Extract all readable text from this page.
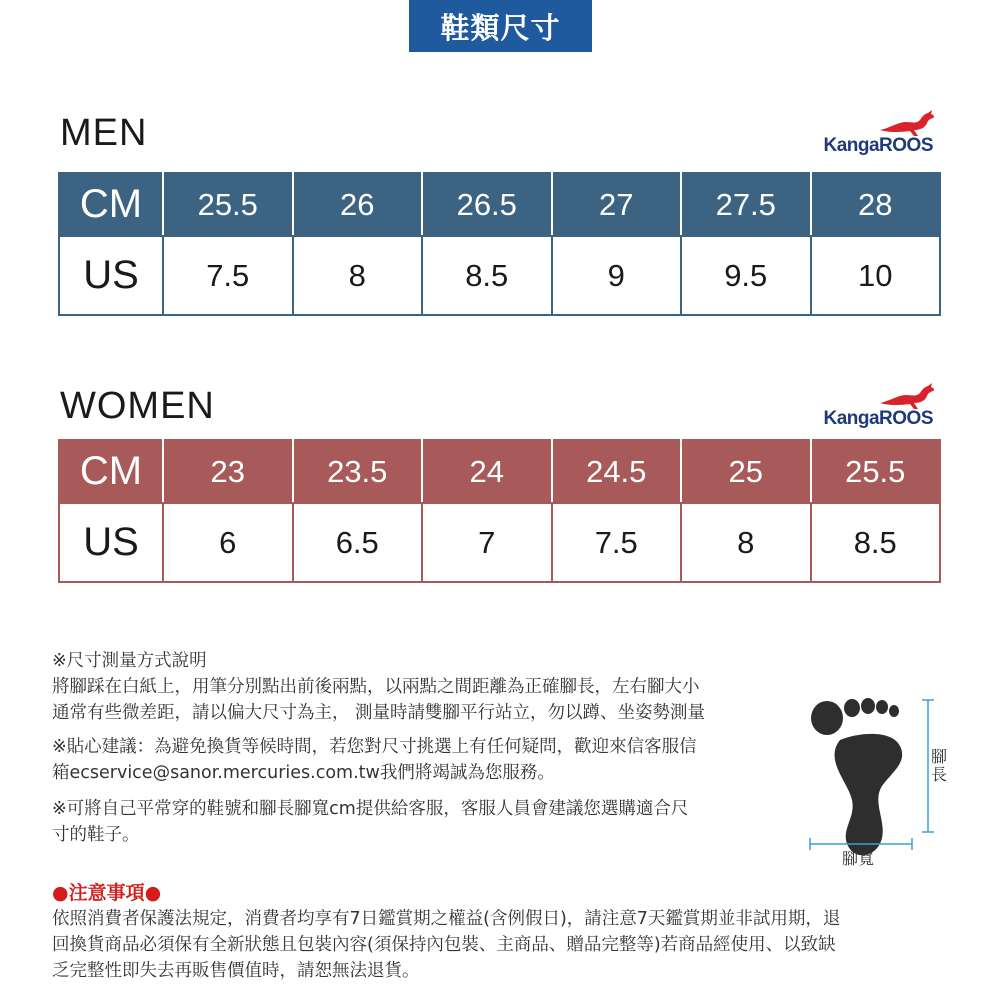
鞋類尺寸
MEN	KangaROOS
CM	25.5	26	26.5	27	27.5	28
US	7.5	8	8.5	9	9.5	10
WOMEN	KangaROOS
CM	23	23.5	24	24.5	25	25.5
US	6	6.5	7	7.5	8	8.5

※尺寸測量方式說明
將腳踩在白紙上，用筆分別點出前後兩點，以兩點之間距離為正確腳長，左右腳大小
通常有些微差距，請以偏大尺寸為主， 測量時請雙腳平行站立，勿以蹲、坐姿勢測量

※貼心建議：為避免換貨等候時間，若您對尺寸挑選上有任何疑問，歡迎來信客服信
箱ecservice@sanor.mercuries.com.tw我們將竭誠為您服務。

※可將自己平常穿的鞋號和腳長腳寬cm提供給客服，客服人員會建議您選購適合尺
寸的鞋子。

腳長
腳寬
●注意事項●
依照消費者保護法規定，消費者均享有7日鑑賞期之權益(含例假日)，請注意7天鑑賞期並非試用期，退
回換貨商品必須保有全新狀態且包裝內容(須保持內包裝、主商品、贈品完整等)若商品經使用、以致缺
乏完整性即失去再販售價值時，請恕無法退貨。
